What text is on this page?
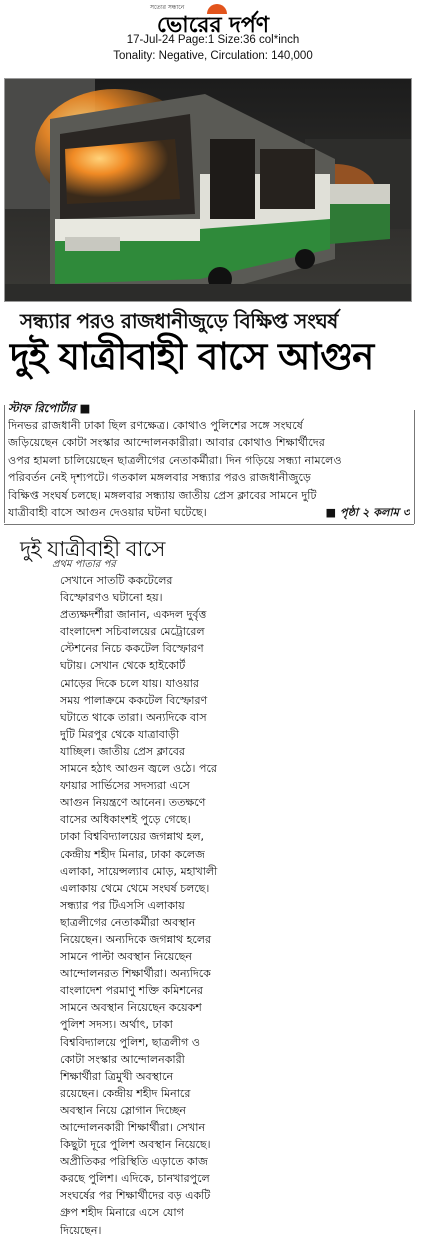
সত্যের সন্ধানে
ভোরের দর্পণ
17-Jul-24 Page:1 Size:36 col*inch
Tonality: Negative, Circulation: 140,000
সন্ধ্যার পরও রাজধানীজুড়ে বিক্ষিপ্ত সংঘর্ষ
দুই যাত্রীবাহী বাসে আগুন
স্টাফ রিপোর্টার ■
দিনভর রাজধানী ঢাকা ছিল রণক্ষেত্র। কোথাও পুলিশের সঙ্গে সংঘর্ষে
জড়িয়েছেন কোটা সংস্কার আন্দোলনকারীরা। আবার কোথাও শিক্ষার্থীদের
ওপর হামলা চালিয়েছেন ছাত্রলীগের নেতাকর্মীরা। দিন গড়িয়ে সন্ধ্যা নামলেও
পরিবর্তন নেই দৃশ্যপটে। গতকাল মঙ্গলবার সন্ধ্যার পরও রাজধানীজুড়ে
বিক্ষিপ্ত সংঘর্ষ চলছে। মঙ্গলবার সন্ধ্যায় জাতীয় প্রেস ক্লাবের সামনে দুটি
যাত্রীবাহী বাসে আগুন দেওয়ার ঘটনা ঘটেছে।	■ পৃষ্ঠা ২ কলাম ৩
দুই যাত্রীবাহী বাসে
প্রথম পাতার পর
সেখানে সাতটি ককটেলের
বিস্ফোরণও ঘটানো হয়।
প্রত্যক্ষদর্শীরা জানান, একদল দুর্বৃত্ত
বাংলাদেশ সচিবালয়ের মেট্রোরেল
স্টেশনের নিচে ককটেল বিস্ফোরণ
ঘটায়। সেখান থেকে হাইকোর্ট
মোড়ের দিকে চলে যায়। যাওয়ার
সময় পালাক্রমে ককটেল বিস্ফোরণ
ঘটাতে থাকে তারা। অন্যদিকে বাস
দুটি মিরপুর থেকে যাত্রাবাড়ী
যাচ্ছিল। জাতীয় প্রেস ক্লাবের
সামনে হঠাৎ আগুন জ্বলে ওঠে। পরে
ফায়ার সার্ভিসের সদস্যরা এসে
আগুন নিয়ন্ত্রণে আনেন। ততক্ষণে
বাসের অধিকাংশই পুড়ে গেছে।
ঢাকা বিশ্ববিদ্যালয়ের জগন্নাথ হল,
কেন্দ্রীয় শহীদ মিনার, ঢাকা কলেজ
এলাকা, সায়েন্সল্যাব মোড়, মহাখালী
এলাকায় থেমে থেমে সংঘর্ষ চলছে।
সন্ধ্যার পর টিএসসি এলাকায়
ছাত্রলীগের নেতাকর্মীরা অবস্থান
নিয়েছেন। অন্যদিকে জগন্নাথ হলের
সামনে পাল্টা অবস্থান নিয়েছেন
আন্দোলনরত শিক্ষার্থীরা। অন্যদিকে
বাংলাদেশ পরমাণু শক্তি কমিশনের
সামনে অবস্থান নিয়েছেন কয়েকশ
পুলিশ সদস্য। অর্থাৎ, ঢাকা
বিশ্ববিদ্যালয়ে পুলিশ, ছাত্রলীগ ও
কোটা সংস্কার আন্দোলনকারী
শিক্ষার্থীরা ত্রিমুখী অবস্থানে
রয়েছেন। কেন্দ্রীয় শহীদ মিনারে
অবস্থান নিয়ে স্লোগান দিচ্ছেন
আন্দোলনকারী শিক্ষার্থীরা। সেখান
কিছুটা দূরে পুলিশ অবস্থান নিয়েছে।
অপ্রীতিকর পরিস্থিতি এড়াতে কাজ
করছে পুলিশ। এদিকে, চানখারপুলে
সংঘর্ষের পর শিক্ষার্থীদের বড় একটি
গ্রুপ শহীদ মিনারে এসে যোগ
দিয়েছেন।
